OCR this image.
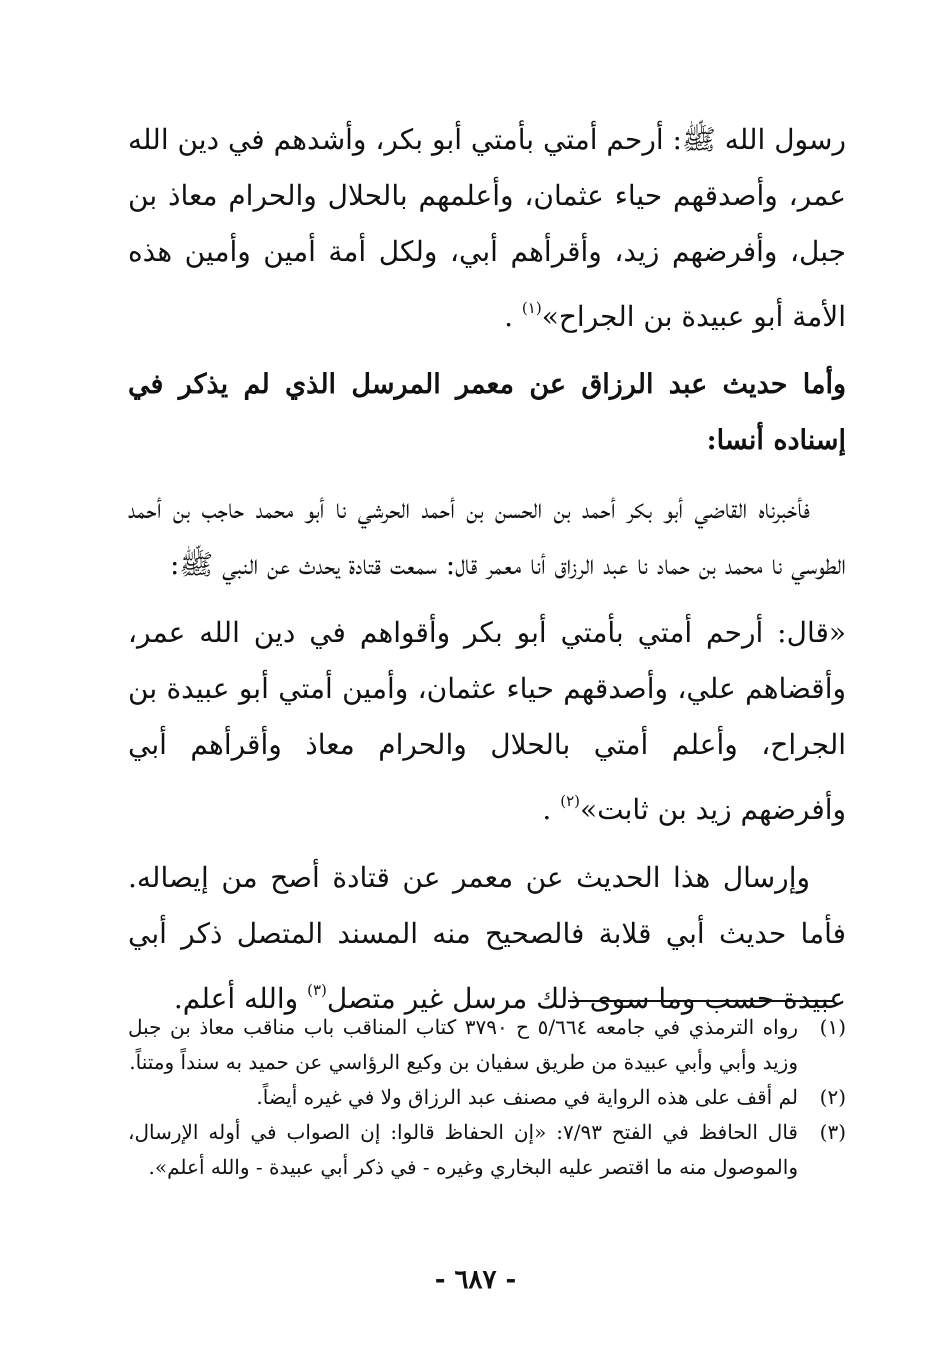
رسول الله ﷺ: أرحم أمتي بأمتي أبو بكر، وأشدهم في دين الله عمر، وأصدقهم حياء عثمان، وأعلمهم بالحلال والحرام معاذ بن جبل، وأفرضهم زيد، وأقرأهم أبي، ولكل أمة أمين وأمين هذه الأمة أبو عبيدة بن الجراح»$^{(١)}$ .

وأما حديث عبد الرزاق عن معمر المرسل الذي لم يذكر في إسناده أنسا:

فأخبرناه القاضي أبو بكر أحمد بن الحسن بن أحمد الحرشي نا أبو محمد حاجب بن أحمد الطوسي نا محمد بن حماد نا عبد الرزاق أنا معمر قال: سمعت قتادة يحدث عن النبي ﷺ:

«قال: أرحم أمتي بأمتي أبو بكر وأقواهم في دين الله عمر، وأقضاهم علي، وأصدقهم حياء عثمان، وأمين أمتي أبو عبيدة بن الجراح، وأعلم أمتي بالحلال والحرام معاذ وأقرأهم أبي وأفرضهم زيد بن ثابت»$^{(٢)}$ .

وإرسال هذا الحديث عن معمر عن قتادة أصح من إيصاله. فأما حديث أبي قلابة فالصحيح منه المسند المتصل ذكر أبي عبيدة حسب وما سوى ذلك مرسل غير متصل$^{(٣)}$ والله أعلم.

(١)
رواه الترمذي في جامعه ٥/٦٦٤ ح ٣٧٩٠ كتاب المناقب باب مناقب معاذ بن جبل وزيد وأبي وأبي عبيدة من طريق سفيان بن وكيع الرؤاسي عن حميد به سنداً ومتناً.

(٢)
لم أقف على هذه الرواية في مصنف عبد الرزاق ولا في غيره أيضاً.

(٣)
قال الحافظ في الفتح ٧/٩٣: «إن الحفاظ قالوا: إن الصواب في أوله الإرسال، والموصول منه ما اقتصر عليه البخاري وغيره - في ذكر أبي عبيدة - والله أعلم».

- ٦٨٧ -
